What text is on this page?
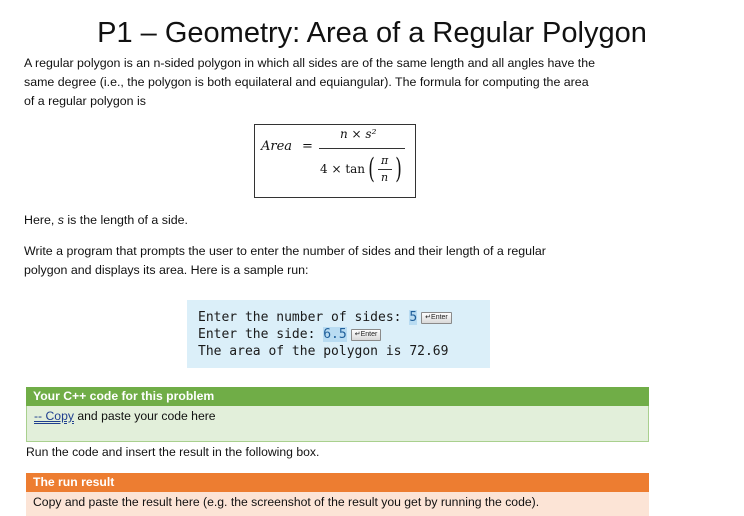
P1 – Geometry: Area of a Regular Polygon
A regular polygon is an n-sided polygon in which all sides are of the same length and all angles have the
same degree (i.e., the polygon is both equilateral and equiangular). The formula for computing the area
of a regular polygon is
Area =
n × s²
4 × tan ( π
n )
Here, s is the length of a side.
Write a program that prompts the user to enter the number of sides and their length of a regular
polygon and displays its area. Here is a sample run:
Enter the number of sides: 5 ↵Enter
Enter the side: 6.5 ↵Enter
The area of the polygon is 72.69
Your C++ code for this problem
-- Copy and paste your code here
Run the code and insert the result in the following box.
The run result
Copy and paste the result here (e.g. the screenshot of the result you get by running the code).
